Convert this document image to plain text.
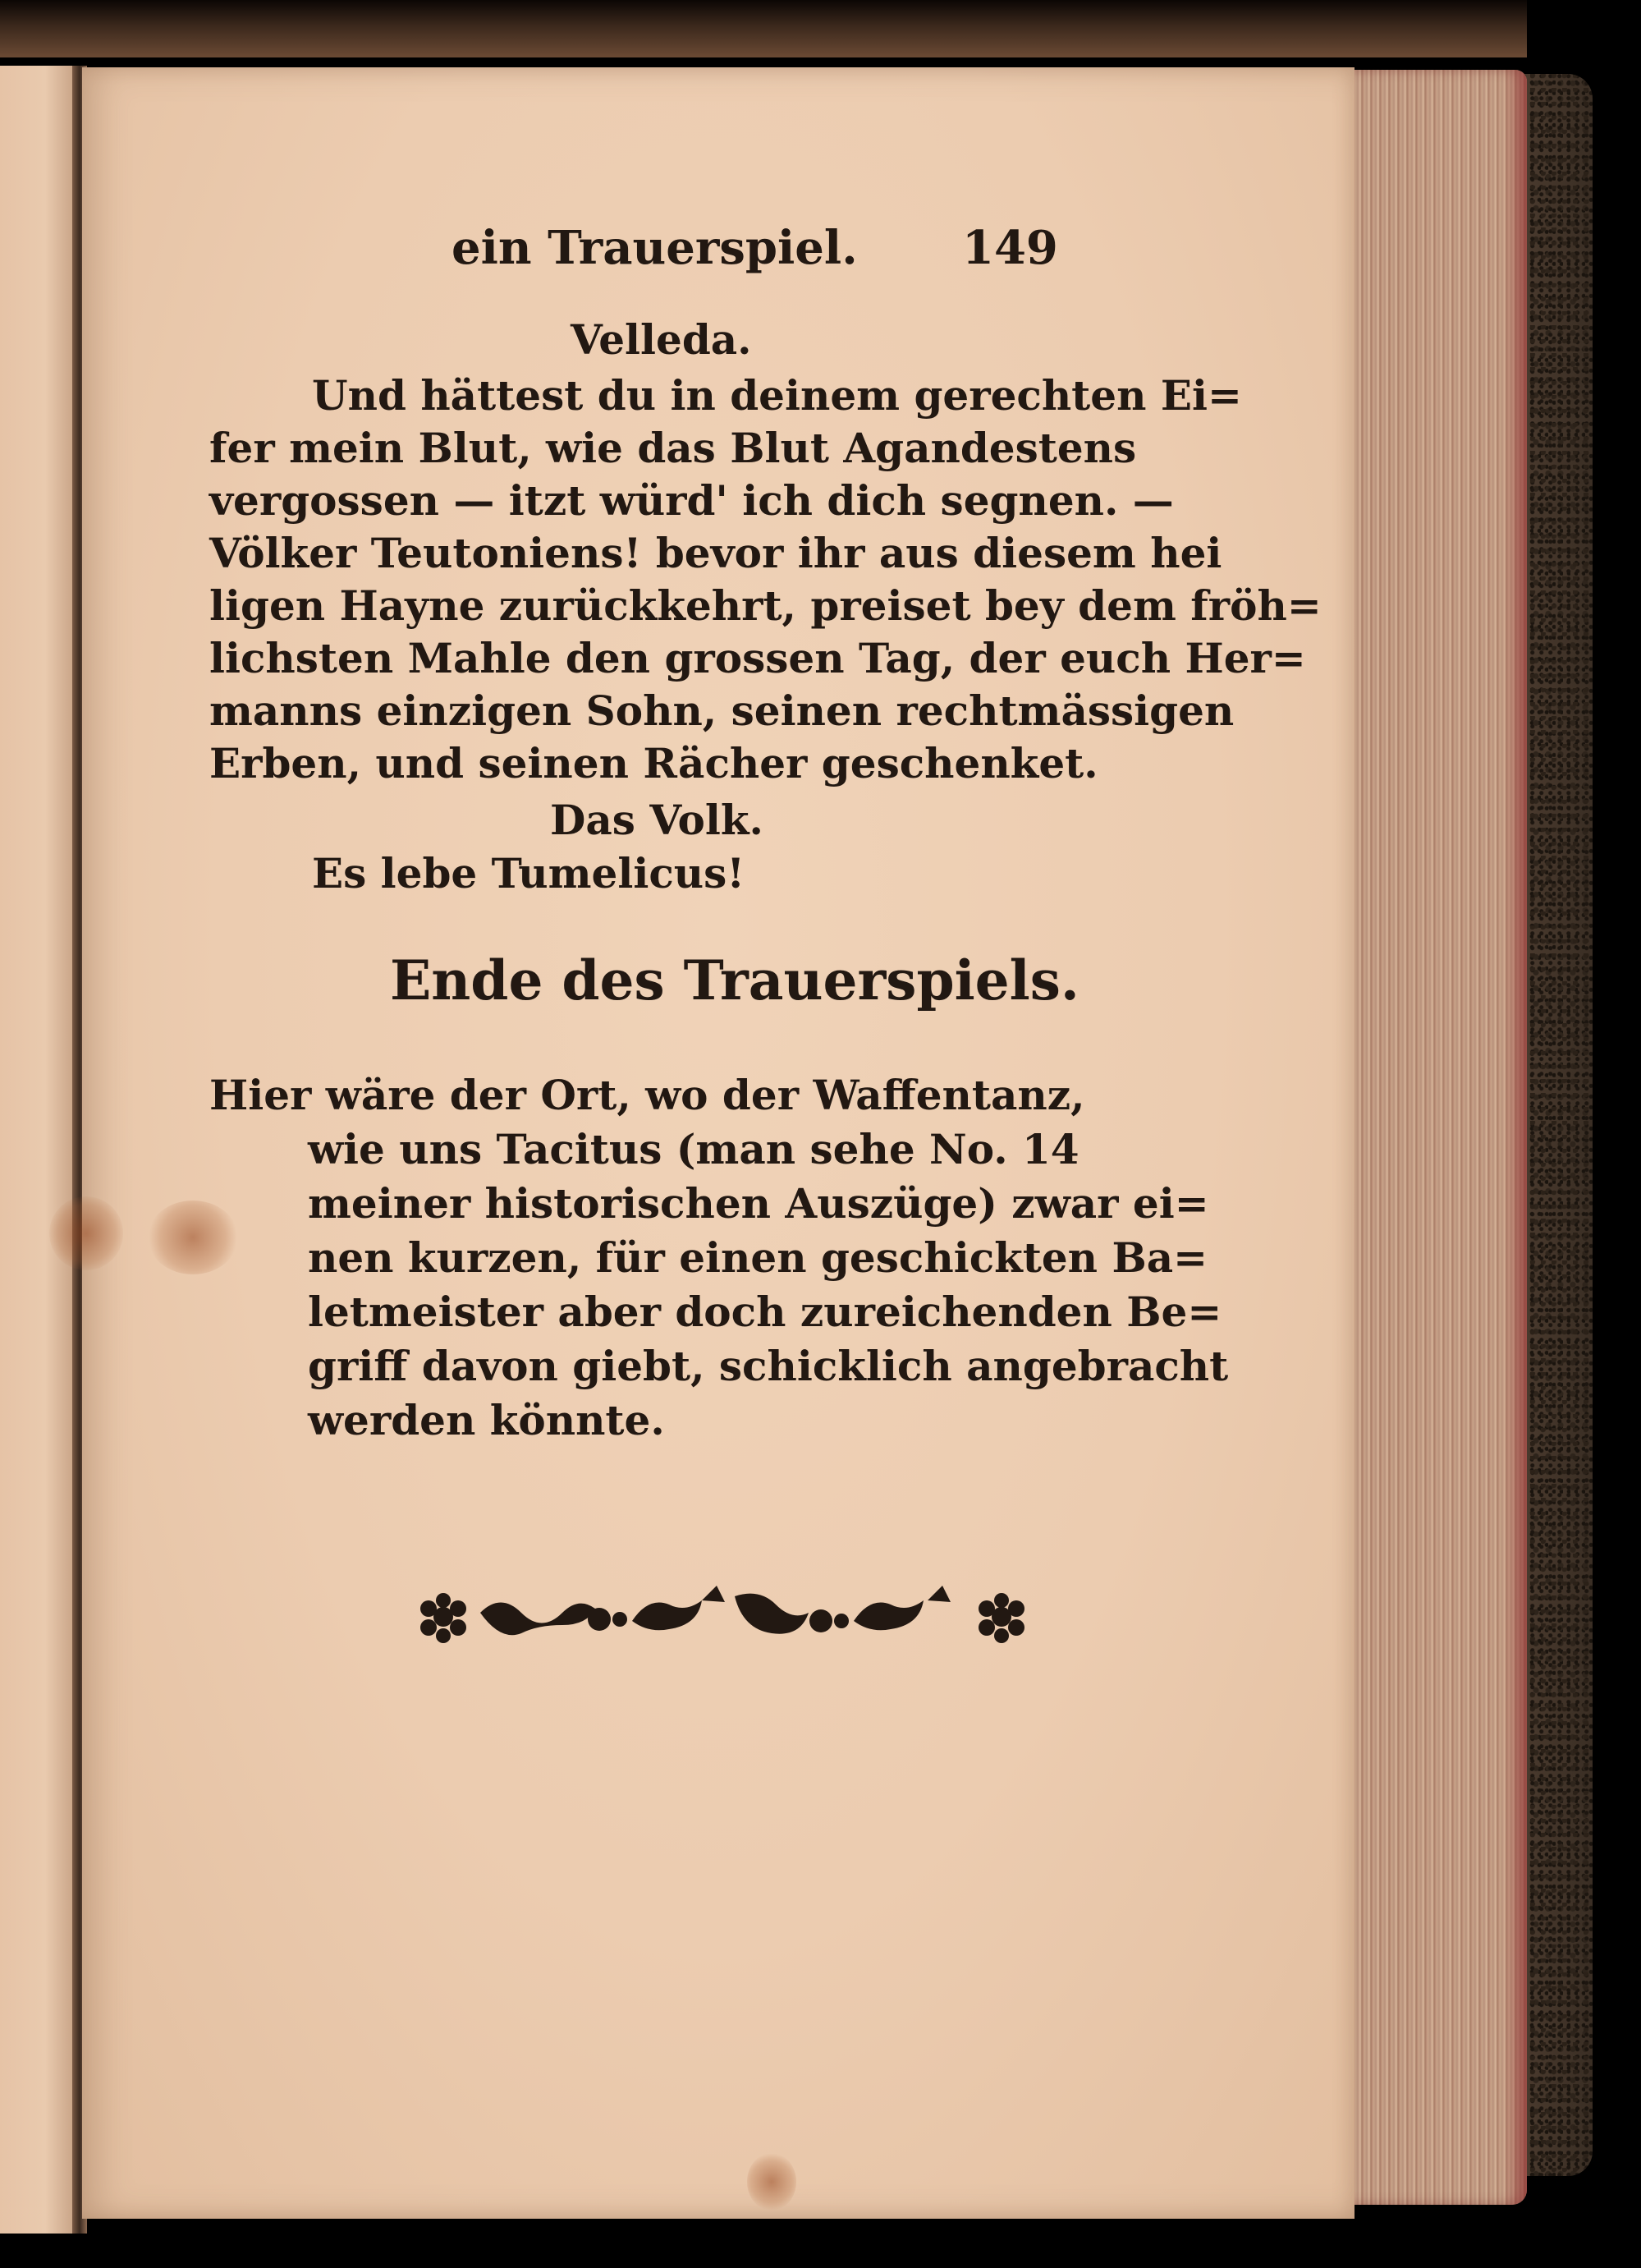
ein Trauerspiel. 149
Velleda.
Und hättest du in deinem gerechten Ei=
fer mein Blut, wie das Blut Agandestens
vergossen — itzt würd' ich dich segnen. —
Völker Teutoniens! bevor ihr aus diesem hei
ligen Hayne zurückkehrt, preiset bey dem fröh=
lichsten Mahle den grossen Tag, der euch Her=
manns einzigen Sohn, seinen rechtmässigen
Erben, und seinen Rächer geschenket.
Das Volk.
Es lebe Tumelicus!
Ende des Trauerspiels.
Hier wäre der Ort, wo der Waffentanz,
wie uns Tacitus (man sehe No. 14
meiner historischen Auszüge) zwar ei=
nen kurzen, für einen geschickten Ba=
letmeister aber doch zureichenden Be=
griff davon giebt, schicklich angebracht
werden könnte.
